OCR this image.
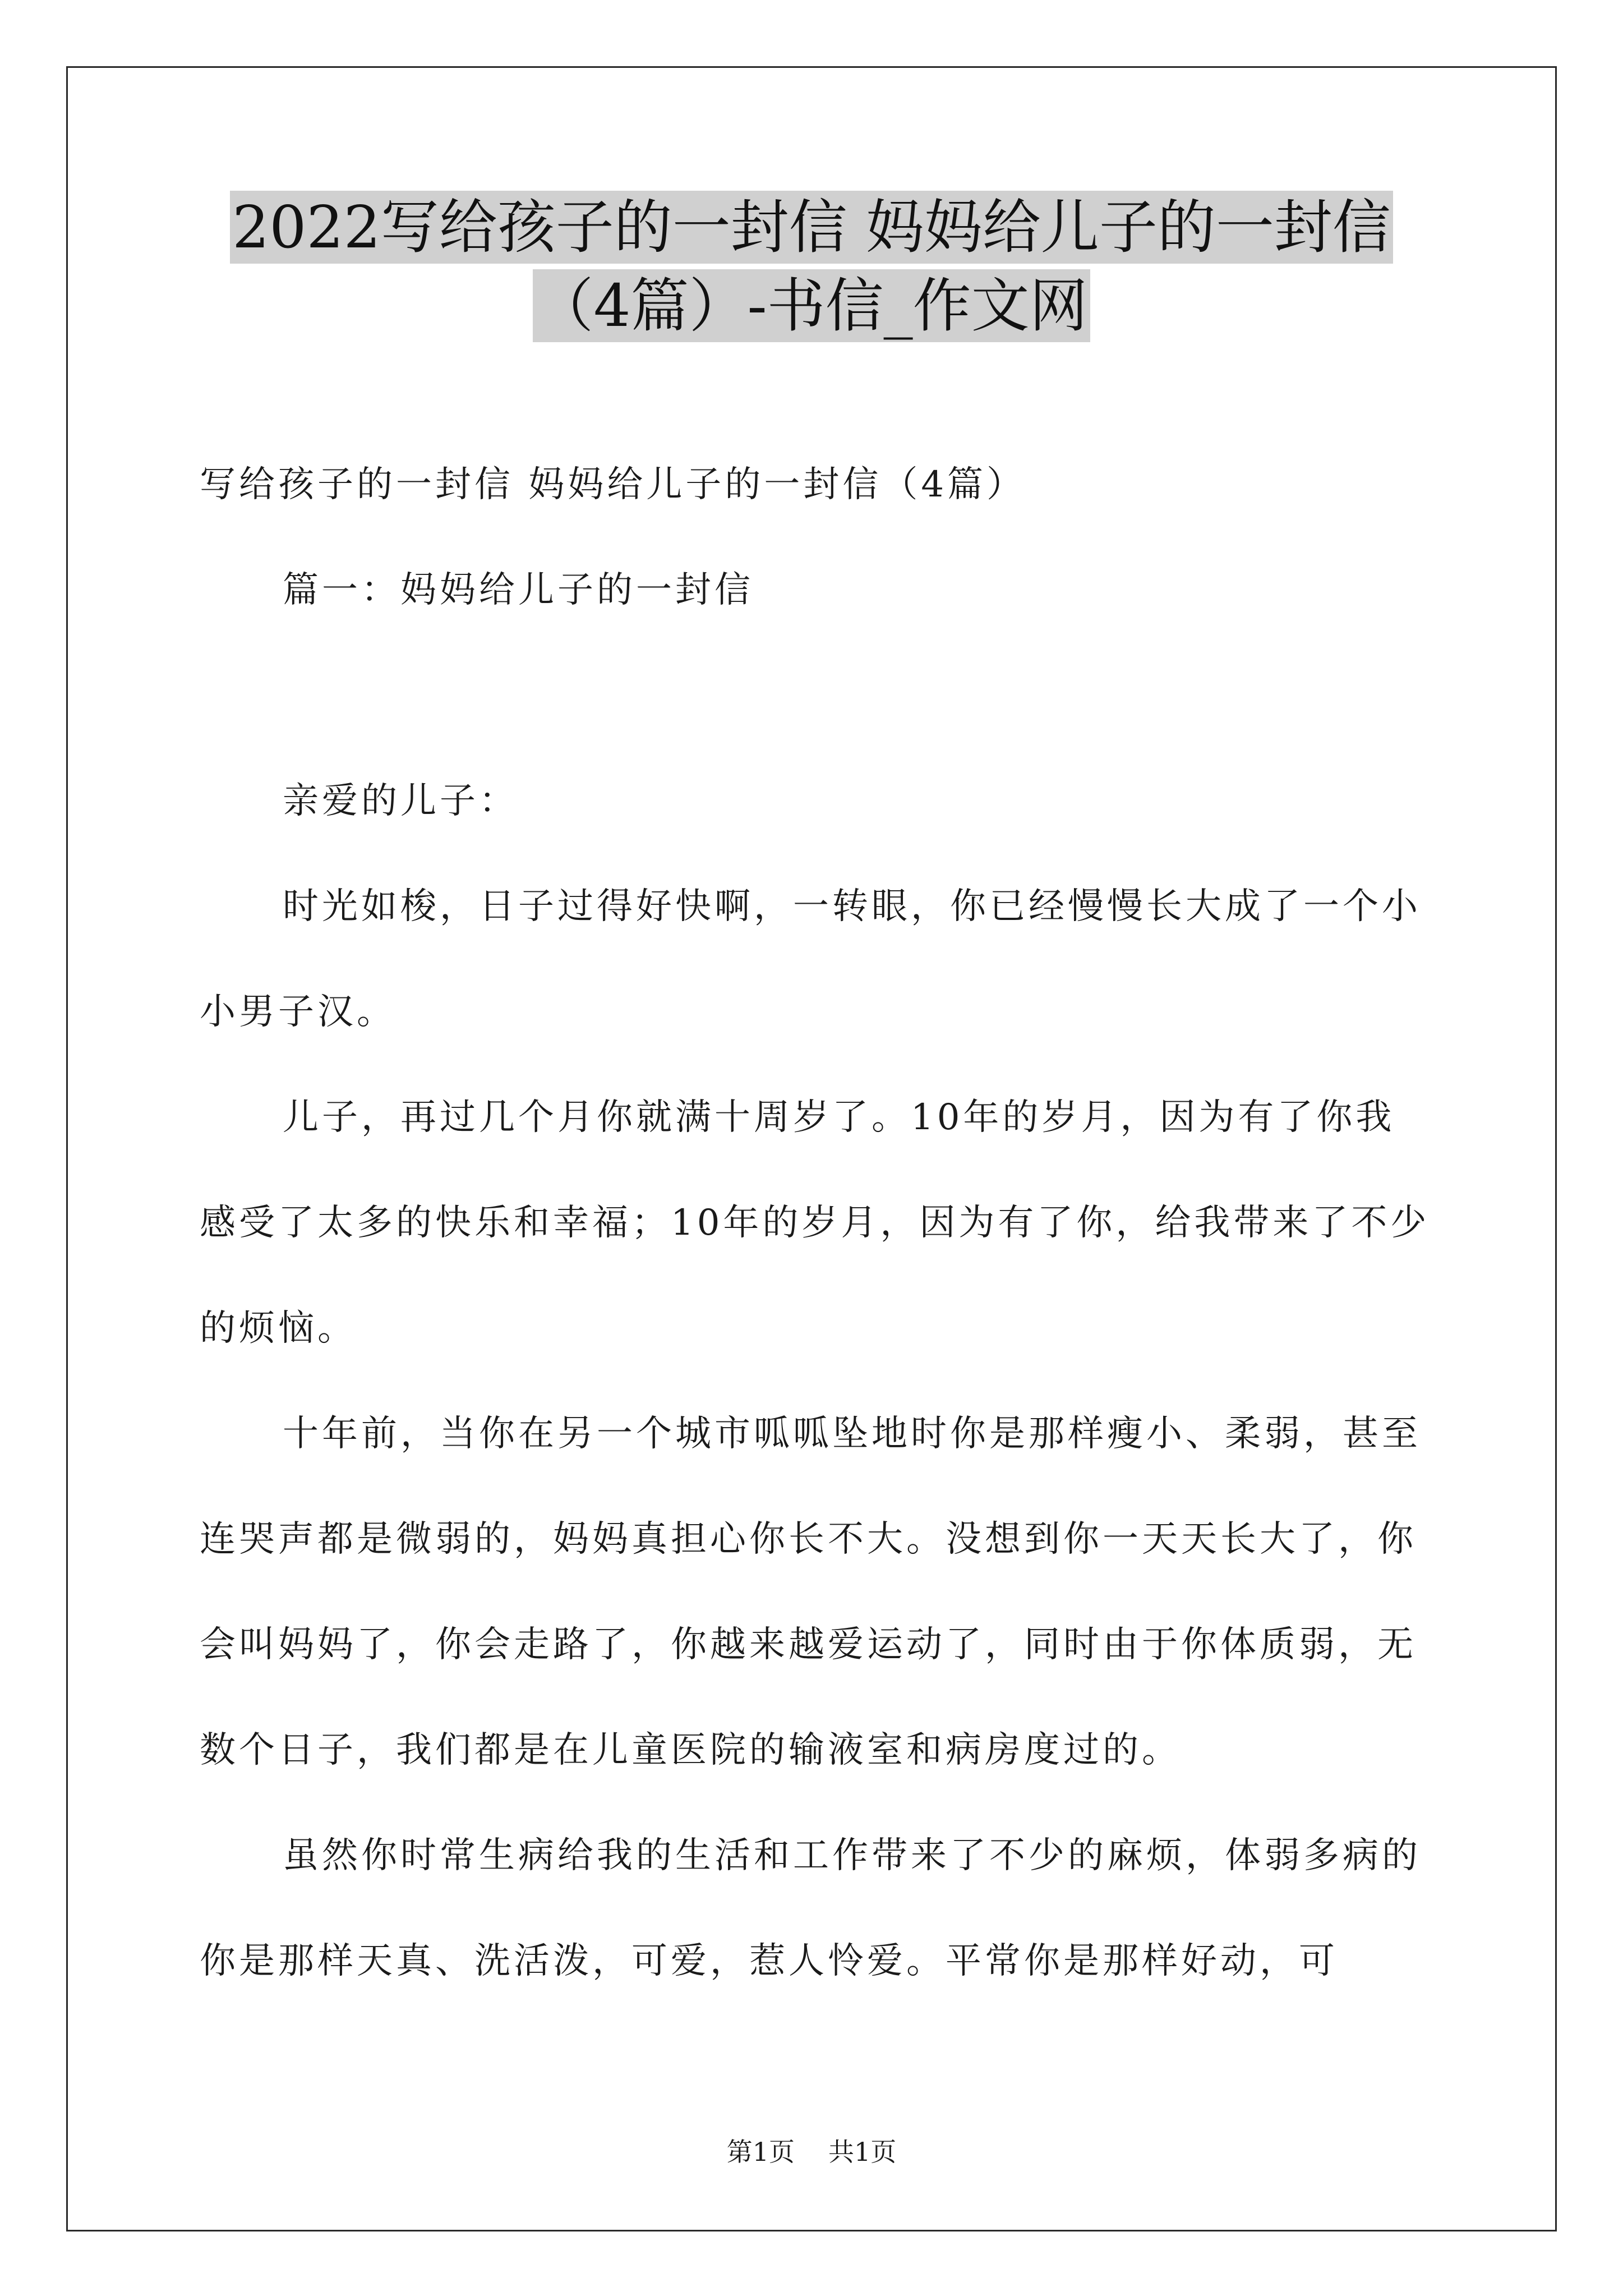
2022写给孩子的一封信 妈妈给儿子的一封信
（4篇）-书信_作文网

写给孩子的一封信 妈妈给儿子的一封信（4篇）

篇一：妈妈给儿子的一封信

亲爱的儿子：

时光如梭，日子过得好快啊，一转眼，你已经慢慢长大成了一个小小男子汉。

儿子，再过几个月你就满十周岁了。10年的岁月，因为有了你我感受了太多的快乐和幸福；10年的岁月，因为有了你，给我带来了不少的烦恼。

十年前，当你在另一个城市呱呱坠地时你是那样瘦小、柔弱，甚至连哭声都是微弱的，妈妈真担心你长不大。没想到你一天天长大了，你会叫妈妈了，你会走路了，你越来越爱运动了，同时由于你体质弱，无数个日子，我们都是在儿童医院的输液室和病房度过的。

虽然你时常生病给我的生活和工作带来了不少的麻烦，体弱多病的你是那样天真、洗活泼，可爱，惹人怜爱。平常你是那样好动，可

第1页 共1页
